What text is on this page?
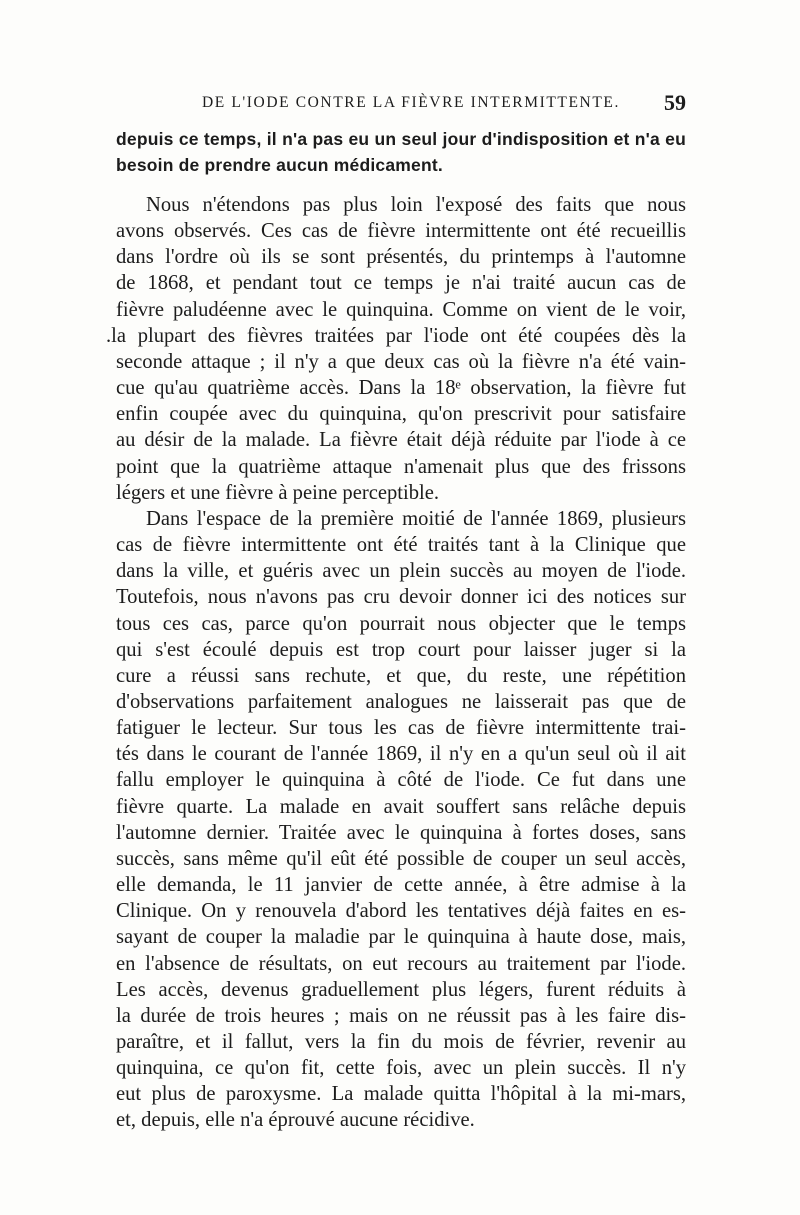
DE L'IODE CONTRE LA FIÈVRE INTERMITTENTE. 59
depuis ce temps, il n'a pas eu un seul jour d'indisposition et n'a eu
besoin de prendre aucun médicament.
Nous n'étendons pas plus loin l'exposé des faits que nous
avons observés. Ces cas de fièvre intermittente ont été recueillis
dans l'ordre où ils se sont présentés, du printemps à l'automne
de 1868, et pendant tout ce temps je n'ai traité aucun cas de
fièvre paludéenne avec le quinquina. Comme on vient de le voir,
.la plupart des fièvres traitées par l'iode ont été coupées dès la
seconde attaque ; il n'y a que deux cas où la fièvre n'a été vain-
cue qu'au quatrième accès. Dans la 18ᵉ observation, la fièvre fut
enfin coupée avec du quinquina, qu'on prescrivit pour satisfaire
au désir de la malade. La fièvre était déjà réduite par l'iode à ce
point que la quatrième attaque n'amenait plus que des frissons
légers et une fièvre à peine perceptible.
Dans l'espace de la première moitié de l'année 1869, plusieurs
cas de fièvre intermittente ont été traités tant à la Clinique que
dans la ville, et guéris avec un plein succès au moyen de l'iode.
Toutefois, nous n'avons pas cru devoir donner ici des notices sur
tous ces cas, parce qu'on pourrait nous objecter que le temps
qui s'est écoulé depuis est trop court pour laisser juger si la
cure a réussi sans rechute, et que, du reste, une répétition
d'observations parfaitement analogues ne laisserait pas que de
fatiguer le lecteur. Sur tous les cas de fièvre intermittente trai-
tés dans le courant de l'année 1869, il n'y en a qu'un seul où il ait
fallu employer le quinquina à côté de l'iode. Ce fut dans une
fièvre quarte. La malade en avait souffert sans relâche depuis
l'automne dernier. Traitée avec le quinquina à fortes doses, sans
succès, sans même qu'il eût été possible de couper un seul accès,
elle demanda, le 11 janvier de cette année, à être admise à la
Clinique. On y renouvela d'abord les tentatives déjà faites en es-
sayant de couper la maladie par le quinquina à haute dose, mais,
en l'absence de résultats, on eut recours au traitement par l'iode.
Les accès, devenus graduellement plus légers, furent réduits à
la durée de trois heures ; mais on ne réussit pas à les faire dis-
paraître, et il fallut, vers la fin du mois de février, revenir au
quinquina, ce qu'on fit, cette fois, avec un plein succès. Il n'y
eut plus de paroxysme. La malade quitta l'hôpital à la mi-mars,
et, depuis, elle n'a éprouvé aucune récidive.
